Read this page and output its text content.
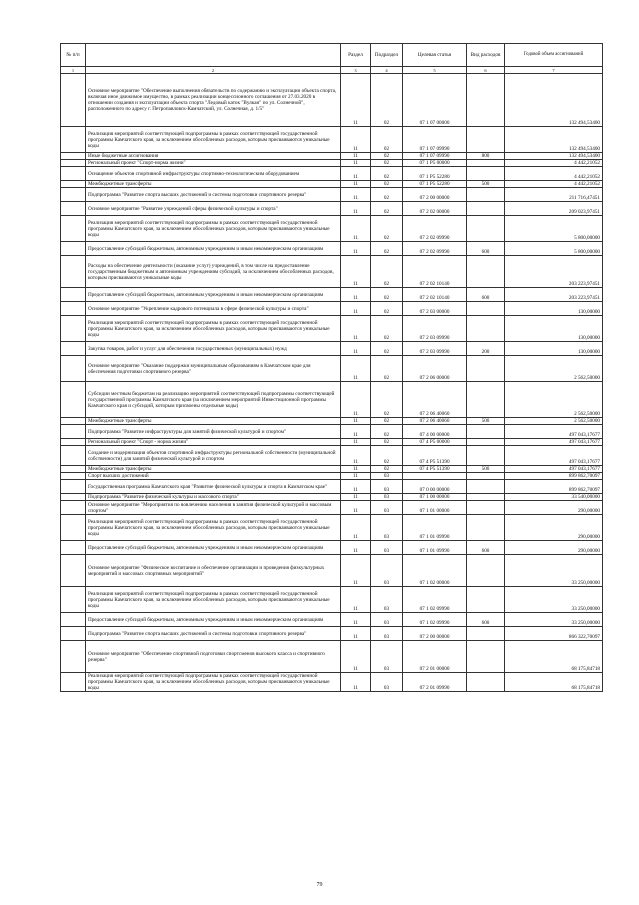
№ п/п		Раздел	Подраздел	Целевая статья	Вид расходов	Годовой объем ассигнований
1	2	3	4	5	6	7
	Основное мероприятие "Обеспечение выполнения обязательств по содержанию и эксплуатации объекта спорта, включая иное движимое имущество, в рамках реализации концессионного соглашения от 27.03.2020 в отношении создания и эксплуатации объекта спорта "Ледовый каток "Вулкан" по ул. Солнечной", расположенного по адресу г. Петропавловск-Камчатский, ул. Солнечная, д. 1/5"	11	02	07 1 07 00000		132 494,53400
	Реализация мероприятий соответствующей подпрограммы в рамках соответствующей государственной программы Камчатского края, за исключением обособленных расходов, которым присваиваются уникальные коды	11	02	07 1 07 09990		132 494,53400
	Иные бюджетные ассигнования	11	02	07 1 07 09990	800	132 494,53400
	Региональный проект "Спорт-норма жизни"	11	02	07 1 P5 00000		4 442,21052
	Оснащение объектов спортивной инфраструктуры спортивно-технологическим оборудованием	11	02	07 1 P5 52280		4 442,21052
	Межбюджетные трансферты	11	02	07 1 P5 52280	500	4 442,21052
	Подпрограмма "Развитие спорта высших достижений и системы подготовки спортивного резерва"	11	02	07 2 00 00000		211 716,47451
	Основное мероприятие "Развитие учреждений сферы физической культуры и спорта"	11	02	07 2 02 00000		209 023,97451
	Реализация мероприятий соответствующей подпрограммы в рамках соответствующей государственной программы Камчатского края, за исключением обособленных расходов, которым присваиваются уникальные коды	11	02	07 2 02 09990		5 800,00000
	Предоставление субсидий бюджетным, автономным учреждениям и иным некоммерческим организациям	11	02	07 2 02 09990	600	5 800,00000
	Расходы на обеспечение деятельности (оказание услуг) учреждений, в том числе на предоставление государственным бюджетным и автономным учреждениям субсидий, за исключением обособленных расходов, которым присваиваются уникальные коды	11	02	07 2 02 10140		203 223,97451
	Предоставление субсидий бюджетным, автономным учреждениям и иным некоммерческим организациям	11	02	07 2 02 10140	600	203 223,97451
	Основное мероприятие "Укрепление кадрового потенциала в сфере физической культуры и спорта"	11	02	07 2 03 00000		130,00000
	Реализация мероприятий соответствующей подпрограммы в рамках соответствующей государственной программы Камчатского края, за исключением обособленных расходов, которым присваиваются уникальные коды	11	02	07 2 03 09990		130,00000
	Закупка товаров, работ и услуг для обеспечения государственных (муниципальных) нужд	11	02	07 2 03 09990	200	130,00000
	Основное мероприятие "Оказание поддержки муниципальным образованиям в Камчатском крае для обеспечения подготовки спортивного резерва"	11	02	07 2 06 00000		2 562,50000
	Субсидии местным бюджетам на реализацию мероприятий соответствующей подпрограммы соответствующей государственной программы Камчатского края (за исключением мероприятий Инвестиционной программы Камчатского края и субсидий, которым присвоены отдельные коды)	11	02	07 2 06 40060		2 562,50000
	Межбюджетные трансферты	11	02	07 2 06 40060	500	2 562,50000
	Подпрограмма "Развитие инфраструктуры для занятий физической культурой и спортом"	11	02	07 4 00 00000		497 043,17677
	Региональный проект "Спорт - норма жизни"	11	02	07 4 P5 00000		497 043,17677
	Создание и модернизация объектов спортивной инфраструктуры региональной собственности (муниципальной собственности) для занятий физической культурой и спортом	11	02	07 4 P5 51390		497 043,17677
	Межбюджетные трансферты	11	02	07 4 P5 51390	500	497 043,17677
	Спорт высших достижений	11	03			899 862,70097
	Государственная программа Камчатского края "Развитие физической культуры и спорта в Камчатском крае"	11	03	07 0 00 00000		899 862,70097
	Подпрограмма "Развитие физической культуры и массового спорта"	11	03	07 1 00 00000		33 540,00000
	Основное мероприятие "Мероприятия по вовлечению населения в занятия физической культурой и массовым спортом"	11	03	07 1 01 00000		290,00000
	Реализация мероприятий соответствующей подпрограммы в рамках соответствующей государственной программы Камчатского края, за исключением обособленных расходов, которым присваиваются уникальные коды	11	03	07 1 01 09990		290,00000
	Предоставление субсидий бюджетным, автономным учреждениям и иным некоммерческим организациям	11	03	07 1 01 09990	600	290,00000
	Основное мероприятие "Физическое воспитание и обеспечение организации и проведения физкультурных мероприятий и массовых спортивных мероприятий"	11	03	07 1 02 00000		33 250,00000
	Реализация мероприятий соответствующей подпрограммы в рамках соответствующей государственной программы Камчатского края, за исключением обособленных расходов, которым присваиваются уникальные коды	11	03	07 1 02 09990		33 250,00000
	Предоставление субсидий бюджетным, автономным учреждениям и иным некоммерческим организациям	11	03	07 1 02 09990	600	33 250,00000
	Подпрограмма "Развитие спорта высших достижений и системы подготовки спортивного резерва"	11	03	07 2 00 00000		866 322,70097
	Основное мероприятие "Обеспечение спортивной подготовки спортсменов высокого класса и спортивного резерва"	11	03	07 2 01 00000		68 175,84718
	Реализация мероприятий соответствующей подпрограммы в рамках соответствующей государственной программы Камчатского края, за исключением обособленных расходов, которым присваиваются уникальные коды	11	03	07 2 01 09990		68 175,84718
79
